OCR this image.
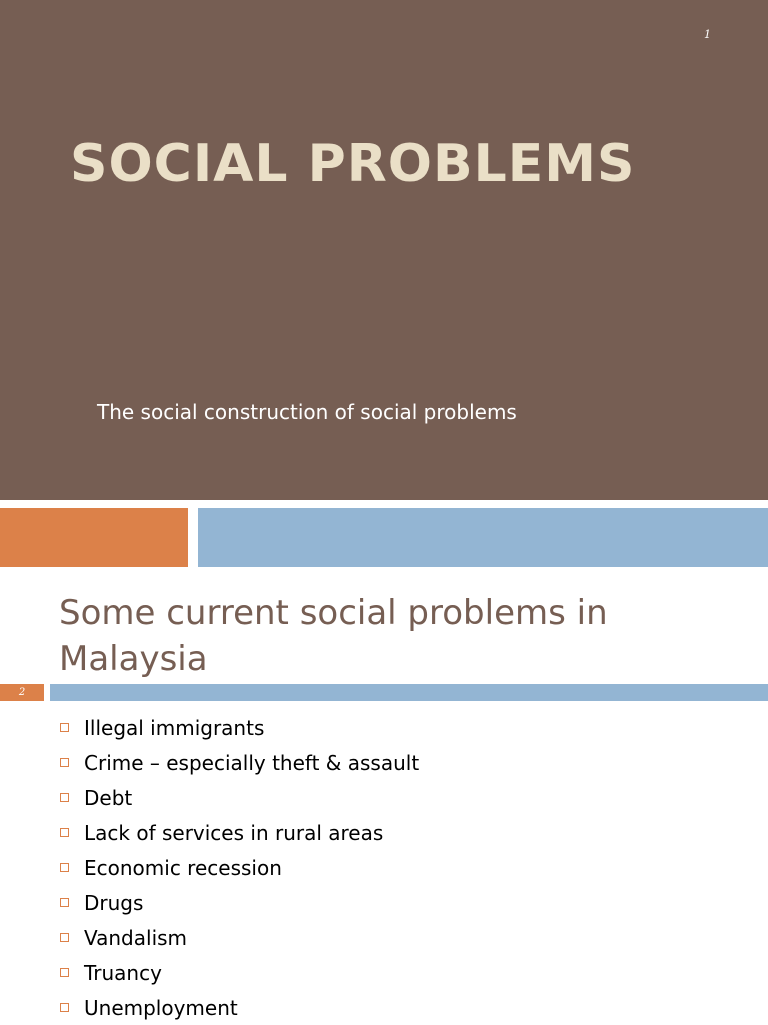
1
SOCIAL PROBLEMS
The social construction of social problems
Some current social problems in Malaysia
2
Illegal immigrants
Crime – especially theft & assault
Debt
Lack of services in rural areas
Economic recession
Drugs
Vandalism
Truancy
Unemployment
